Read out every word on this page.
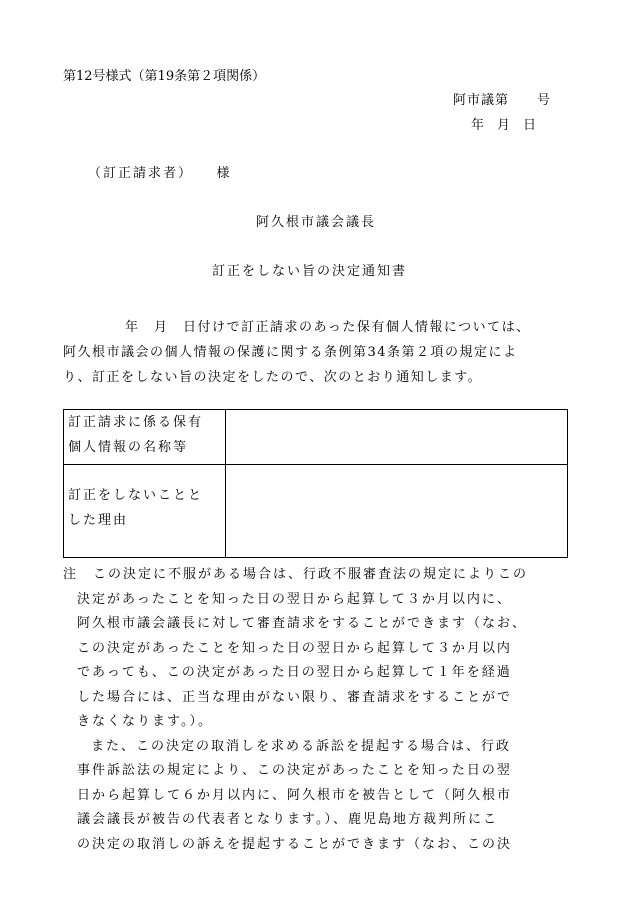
第12号様式（第19条第２項関係）
阿市議第　　号
年　月　日
（訂正請求者）　　様
阿久根市議会議長
訂正をしない旨の決定通知書
年　月　日付けで訂正請求のあった保有個人情報については、
阿久根市議会の個人情報の保護に関する条例第34条第２項の規定によ
り、訂正をしない旨の決定をしたので、次のとおり通知します。
訂正請求に係る保有
個人情報の名称等
訂正をしないことと
した理由
注　この決定に不服がある場合は、行政不服審査法の規定によりこの
決定があったことを知った日の翌日から起算して３か月以内に、
阿久根市議会議長に対して審査請求をすることができます（なお、
この決定があったことを知った日の翌日から起算して３か月以内
であっても、この決定があった日の翌日から起算して１年を経過
した場合には、正当な理由がない限り、審査請求をすることがで
きなくなります。）。
また、この決定の取消しを求める訴訟を提起する場合は、行政
事件訴訟法の規定により、この決定があったことを知った日の翌
日から起算して６か月以内に、阿久根市を被告として（阿久根市
議会議長が被告の代表者となります。）、鹿児島地方裁判所にこ
の決定の取消しの訴えを提起することができます（なお、この決
